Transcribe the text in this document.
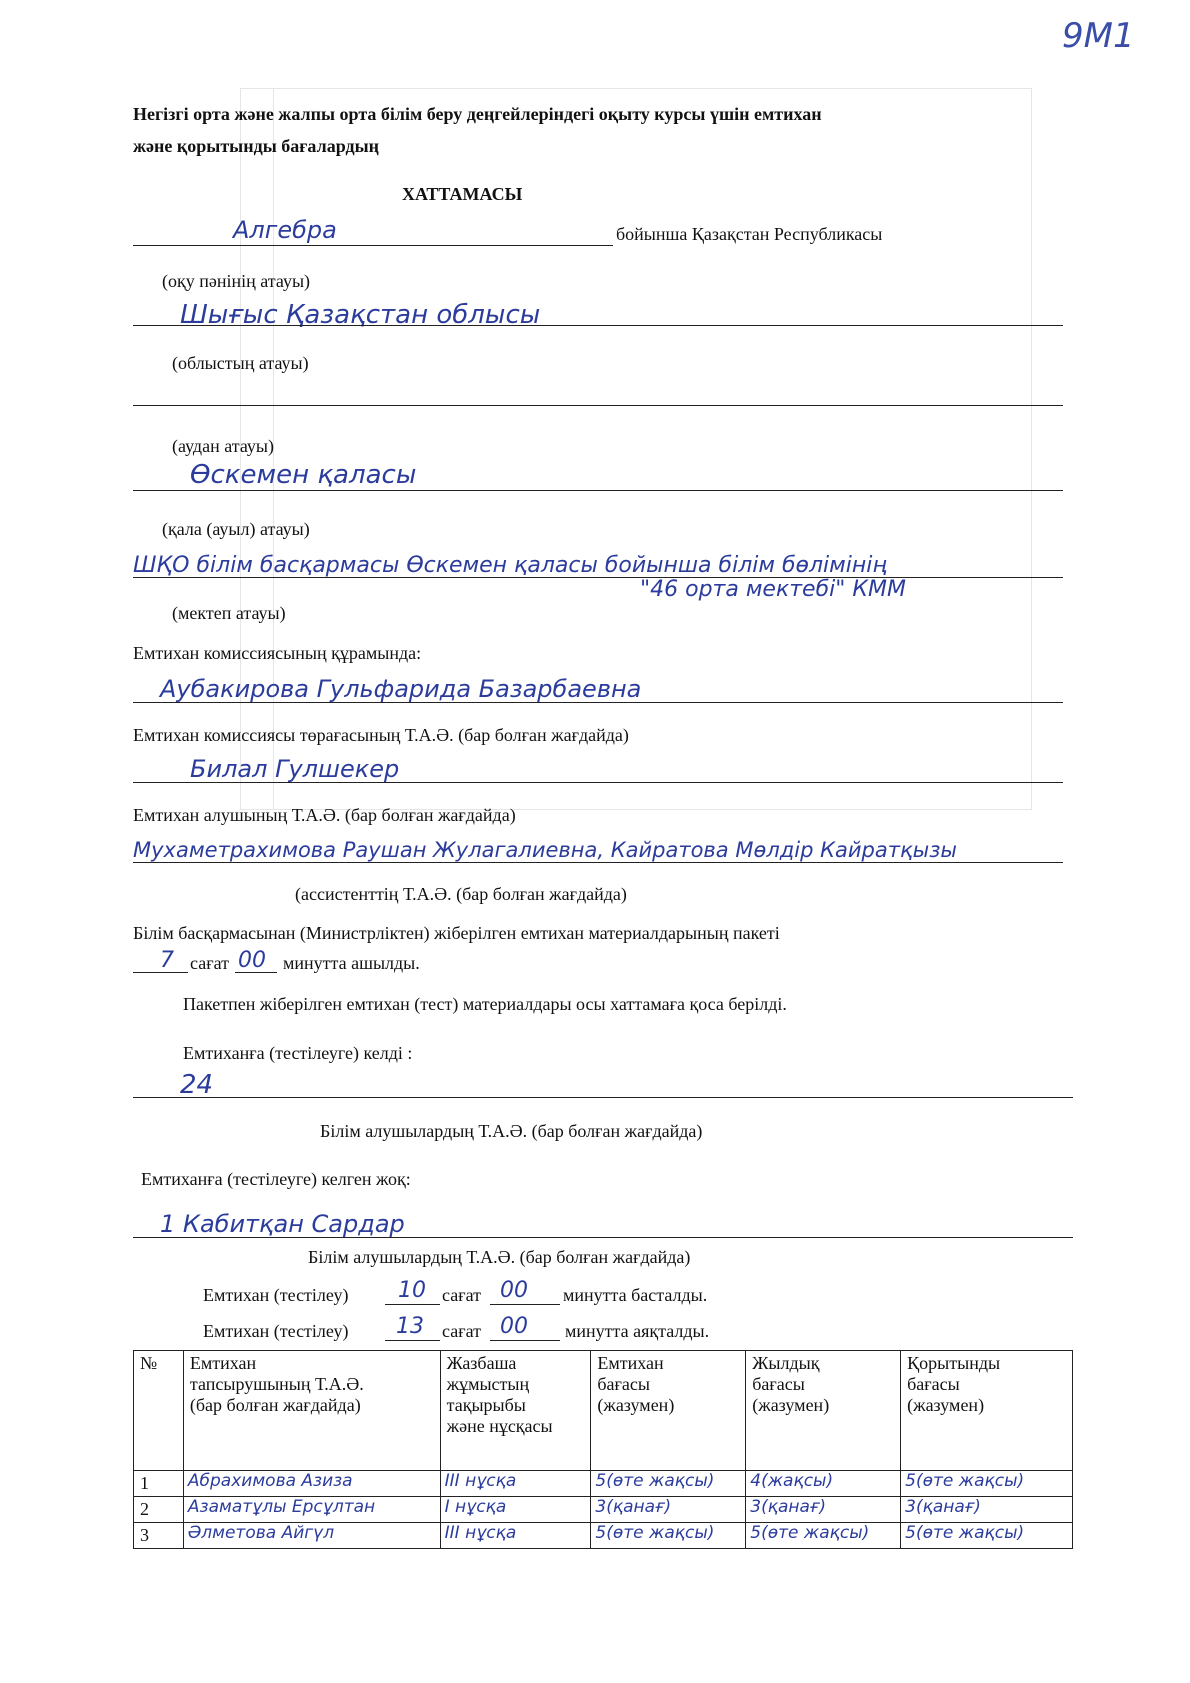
9M1
Негізгі орта және жалпы орта білім беру деңгейлеріндегі оқыту курсы үшін емтихан
және қорытынды бағалардың
ХАТТАМАСЫ
Алгебра	бойынша Қазақстан Республикасы
(оқу пәнінің атауы)
Шығыс Қазақстан облысы
(облыстың атауы)
(аудан атауы)
Өскемен қаласы
(қала (ауыл) атауы)
ШҚО білім басқармасы Өскемен қаласы бойынша білім бөлімінің
"46 орта мектебі" КММ
(мектеп атауы)
Емтихан комиссиясының құрамында:
Аубакирова Гульфарида Базарбаевна
Емтихан комиссиясы төрағасының Т.А.Ә. (бар болған жағдайда)
Билал Гулшекер
Емтихан алушының Т.А.Ә. (бар болған жағдайда)
Мухаметрахимова Раушан Жулагалиевна, Кайратова Мөлдір Кайратқызы
(ассистенттің Т.А.Ә. (бар болған жағдайда)
Білім басқармасынан (Министрліктен) жіберілген емтихан материалдарының пакеті
7 сағат 00 минутта ашылды.
Пакетпен жіберілген емтихан (тест) материалдары осы хаттамаға қоса берілді.
Емтиханға (тестілеуге) келді :
24
Білім алушылардың Т.А.Ә. (бар болған жағдайда)
Емтиханға (тестілеуге) келген жоқ:
1 Кабитқан Сардар
Білім алушылардың Т.А.Ә. (бар болған жағдайда)
Емтихан (тестілеу) 10 сағат 00 минутта басталды.
Емтихан (тестілеу) 13 сағат 00 минутта аяқталды.
№	Емтихан
тапсырушының Т.А.Ә.
(бар болған жағдайда)	Жазбаша
жұмыстың
тақырыбы
және нұсқасы	Емтихан
бағасы
(жазумен)	Жылдық
бағасы
(жазумен)	Қорытынды
бағасы
(жазумен)
1	Абрахимова Азиза	III нұсқа	5(өте жақсы)	4(жақсы)	5(өте жақсы)
2	Азаматұлы Ерсұлтан	I нұсқа	3(қанағ)	3(қанағ)	3(қанағ)
3	Әлметова Айгүл	III нұсқа	5(өте жақсы)	5(өте жақсы)	5(өте жақсы)
